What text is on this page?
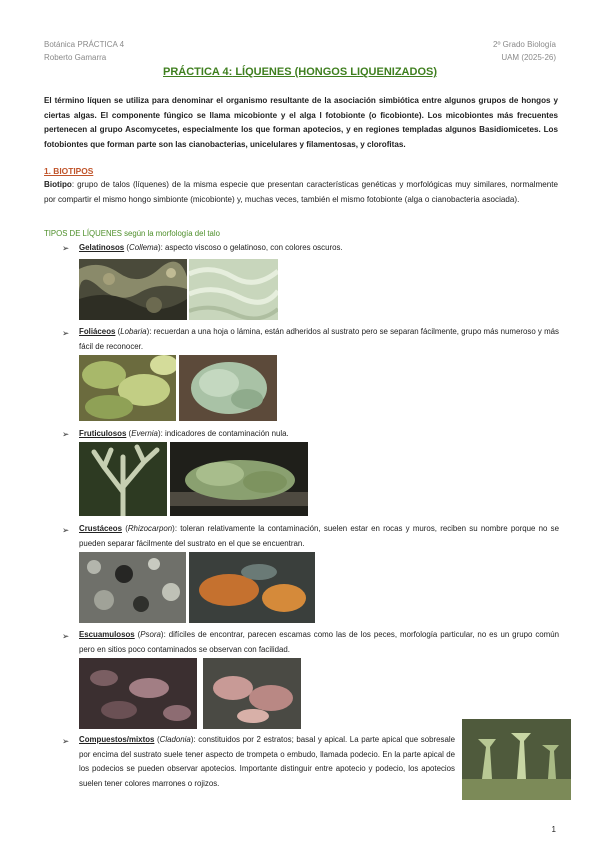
Botánica PRÁCTICA 4
Roberto Gamarra
2º Grado Biología
UAM (2025-26)
PRÁCTICA 4: LÍQUENES (HONGOS LIQUENIZADOS)
El término líquen se utiliza para denominar el organismo resultante de la asociación simbiótica entre algunos grupos de hongos y ciertas algas. El componente fúngico se llama micobionte y el alga l fotobionte (o ficobionte). Los micobiontes más frecuentes pertenecen al grupo Ascomycetes, especialmente los que forman apotecios, y en regiones templadas algunos Basidiomicetes. Los fotobiontes que forman parte son las cianobacterias, unicelulares y filamentosas, y clorofitas.
1. BIOTIPOS
Biotipo: grupo de talos (líquenes) de la misma especie que presentan características genéticas y morfológicas muy similares, normalmente por compartir el mismo hongo simbionte (micobionte) y, muchas veces, también el mismo fotobionte (alga o cianobacteria asociada).
TIPOS DE LÍQUENES según la morfología del talo
➢ Gelatinosos (Collema): aspecto viscoso o gelatinoso, con colores oscuros.
➢ Foliáceos (Lobaria): recuerdan a una hoja o lámina, están adheridos al sustrato pero se separan fácilmente, grupo más numeroso y más fácil de reconocer.
➢ Fruticulosos (Evernia): indicadores de contaminación nula.
➢ Crustáceos (Rhizocarpon): toleran relativamente la contaminación, suelen estar en rocas y muros, reciben su nombre porque no se pueden separar fácilmente del sustrato en el que se encuentran.
➢ Escuamulosos (Psora): difíciles de encontrar, parecen escamas como las de los peces, morfología particular, no es un grupo común pero en sitios poco contaminados se observan con facilidad.
➢ Compuestos/mixtos (Cladonia): constituidos por 2 estratos; basal y apical. La parte apical que sobresale por encima del sustrato suele tener aspecto de trompeta o embudo, llamada podecio. En la parte apical de los podecios se pueden observar apotecios. Importante distinguir entre apotecio y podecio, los apotecios suelen tener colores marrones o rojizos.
1
